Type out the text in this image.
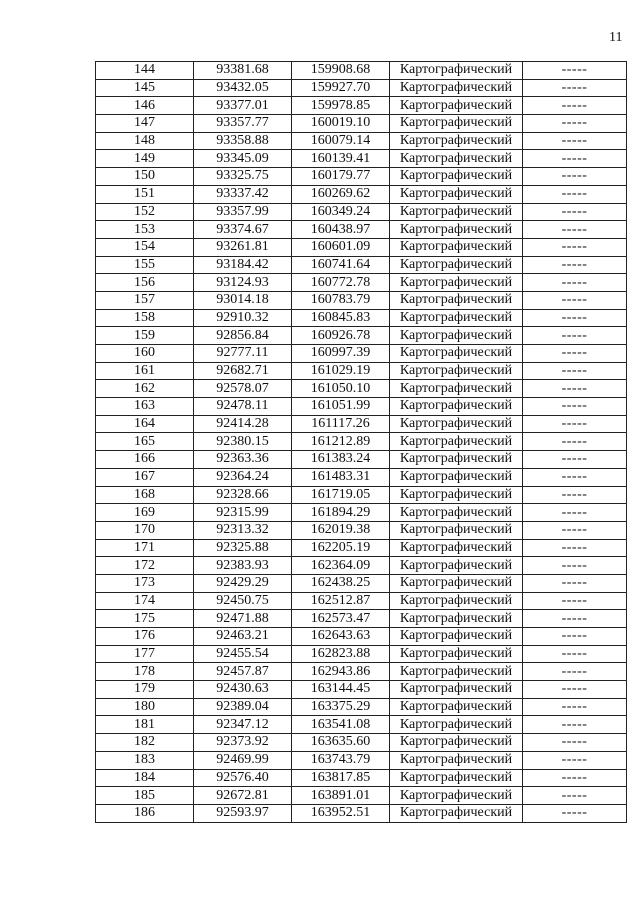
11
144	93381.68	159908.68	Картографический	-----
145	93432.05	159927.70	Картографический	-----
146	93377.01	159978.85	Картографический	-----
147	93357.77	160019.10	Картографический	-----
148	93358.88	160079.14	Картографический	-----
149	93345.09	160139.41	Картографический	-----
150	93325.75	160179.77	Картографический	-----
151	93337.42	160269.62	Картографический	-----
152	93357.99	160349.24	Картографический	-----
153	93374.67	160438.97	Картографический	-----
154	93261.81	160601.09	Картографический	-----
155	93184.42	160741.64	Картографический	-----
156	93124.93	160772.78	Картографический	-----
157	93014.18	160783.79	Картографический	-----
158	92910.32	160845.83	Картографический	-----
159	92856.84	160926.78	Картографический	-----
160	92777.11	160997.39	Картографический	-----
161	92682.71	161029.19	Картографический	-----
162	92578.07	161050.10	Картографический	-----
163	92478.11	161051.99	Картографический	-----
164	92414.28	161117.26	Картографический	-----
165	92380.15	161212.89	Картографический	-----
166	92363.36	161383.24	Картографический	-----
167	92364.24	161483.31	Картографический	-----
168	92328.66	161719.05	Картографический	-----
169	92315.99	161894.29	Картографический	-----
170	92313.32	162019.38	Картографический	-----
171	92325.88	162205.19	Картографический	-----
172	92383.93	162364.09	Картографический	-----
173	92429.29	162438.25	Картографический	-----
174	92450.75	162512.87	Картографический	-----
175	92471.88	162573.47	Картографический	-----
176	92463.21	162643.63	Картографический	-----
177	92455.54	162823.88	Картографический	-----
178	92457.87	162943.86	Картографический	-----
179	92430.63	163144.45	Картографический	-----
180	92389.04	163375.29	Картографический	-----
181	92347.12	163541.08	Картографический	-----
182	92373.92	163635.60	Картографический	-----
183	92469.99	163743.79	Картографический	-----
184	92576.40	163817.85	Картографический	-----
185	92672.81	163891.01	Картографический	-----
186	92593.97	163952.51	Картографический	-----
